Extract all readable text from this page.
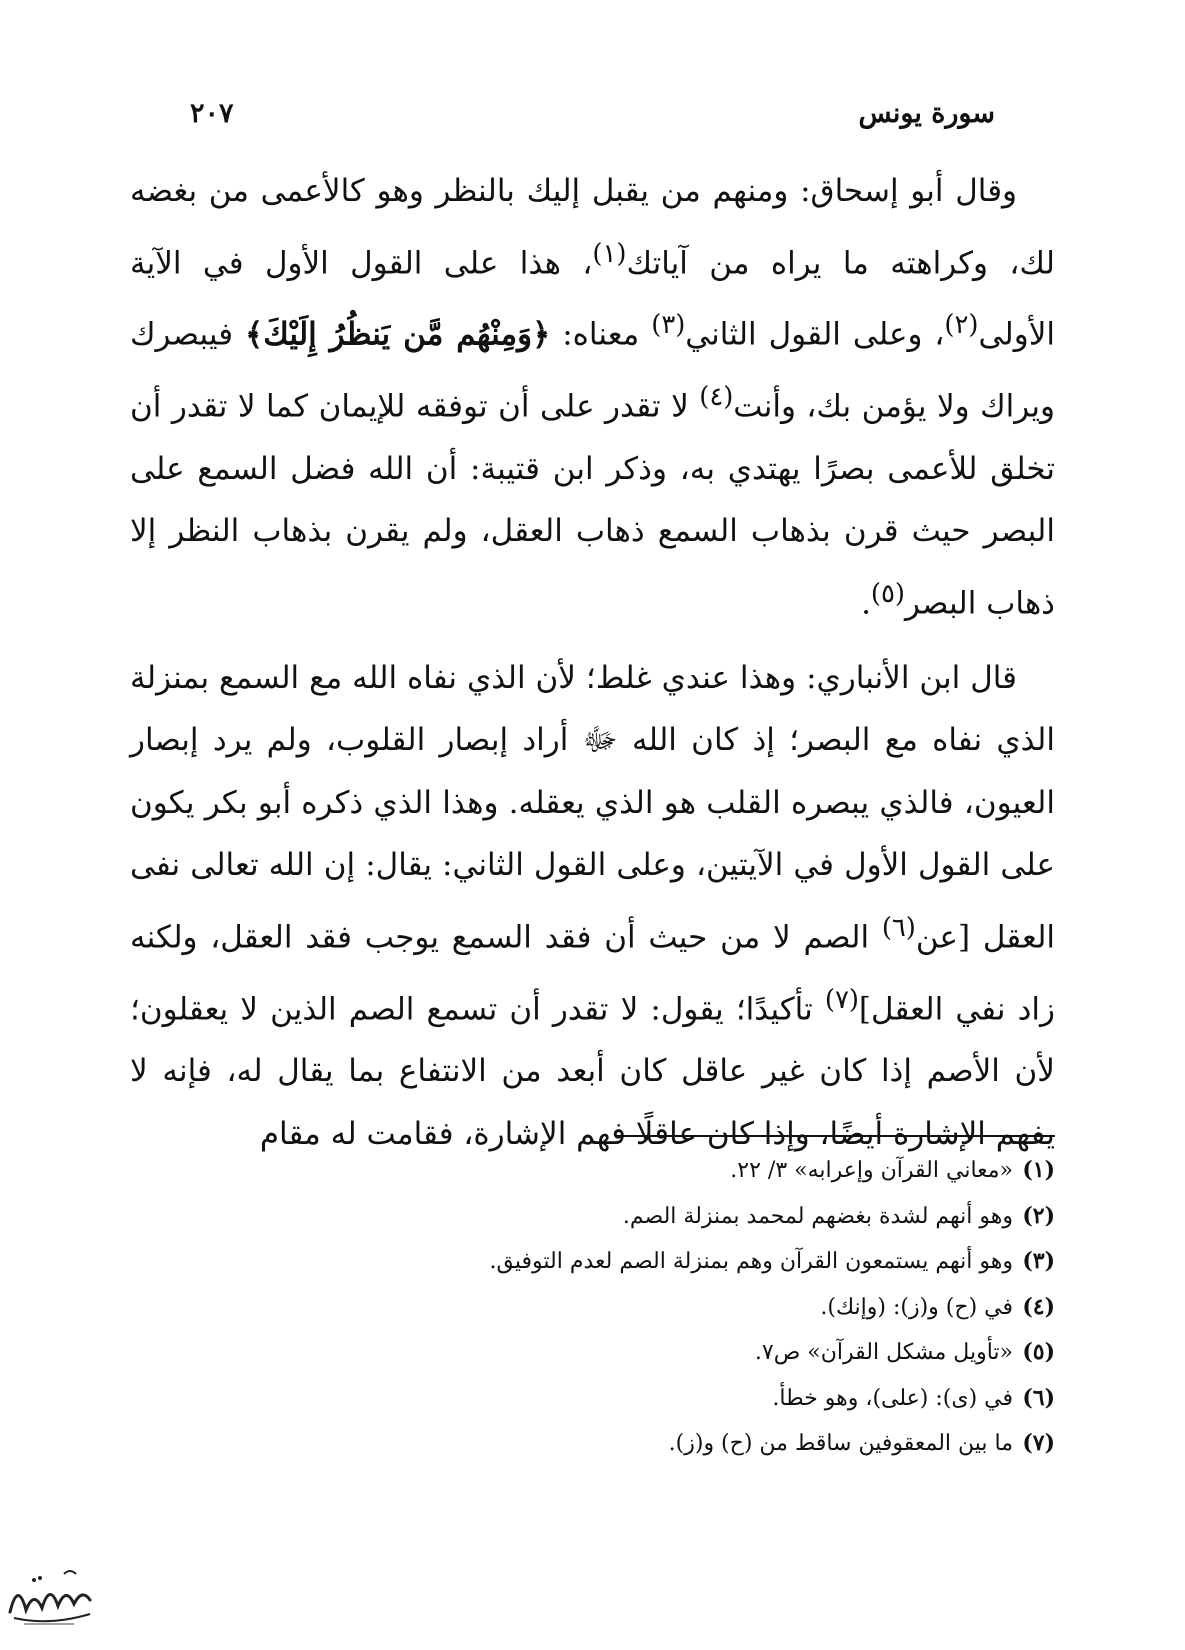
سورة يونس
٢٠٧

وقال أبو إسحاق: ومنهم من يقبل إليك بالنظر وهو كالأعمى من بغضه لك، وكراهته ما يراه من آياتك$^{(١)}$، هذا على القول الأول في الآية الأولى$^{(٢)}$، وعلى القول الثاني$^{(٣)}$ معناه: ﴿وَمِنْهُم مَّن يَنظُرُ إِلَيْكَ﴾ فيبصرك ويراك ولا يؤمن بك، وأنت$^{(٤)}$ لا تقدر على أن توفقه للإيمان كما لا تقدر أن تخلق للأعمى بصرًا يهتدي به، وذكر ابن قتيبة: أن الله فضل السمع على البصر حيث قرن بذهاب السمع ذهاب العقل، ولم يقرن بذهاب النظر إلا ذهاب البصر$^{(٥)}$.

قال ابن الأنباري: وهذا عندي غلط؛ لأن الذي نفاه الله مع السمع بمنزلة الذي نفاه مع البصر؛ إذ كان الله ﷻ أراد إبصار القلوب، ولم يرد إبصار العيون، فالذي يبصره القلب هو الذي يعقله. وهذا الذي ذكره أبو بكر يكون على القول الأول في الآيتين، وعلى القول الثاني: يقال: إن الله تعالى نفى العقل [عن$^{(٦)}$ الصم لا من حيث أن فقد السمع يوجب فقد العقل، ولكنه زاد نفي العقل]$^{(٧)}$ تأكيدًا؛ يقول: لا تقدر أن تسمع الصم الذين لا يعقلون؛ لأن الأصم إذا كان غير عاقل كان أبعد من الانتفاع بما يقال له، فإنه لا يفهم الإشارة أيضًا، وإذا كان عاقلًا فهم الإشارة، فقامت له مقام

(١)«معاني القرآن وإعرابه» ٣/ ٢٢.
(٢)وهو أنهم لشدة بغضهم لمحمد بمنزلة الصم.
(٣)وهو أنهم يستمعون القرآن وهم بمنزلة الصم لعدم التوفيق.
(٤)في (ح) و(ز): (وإنك).
(٥)«تأويل مشكل القرآن» ص٧.
(٦)في (ى): (على)، وهو خطأ.
(٧)ما بين المعقوفين ساقط من (ح) و(ز).
